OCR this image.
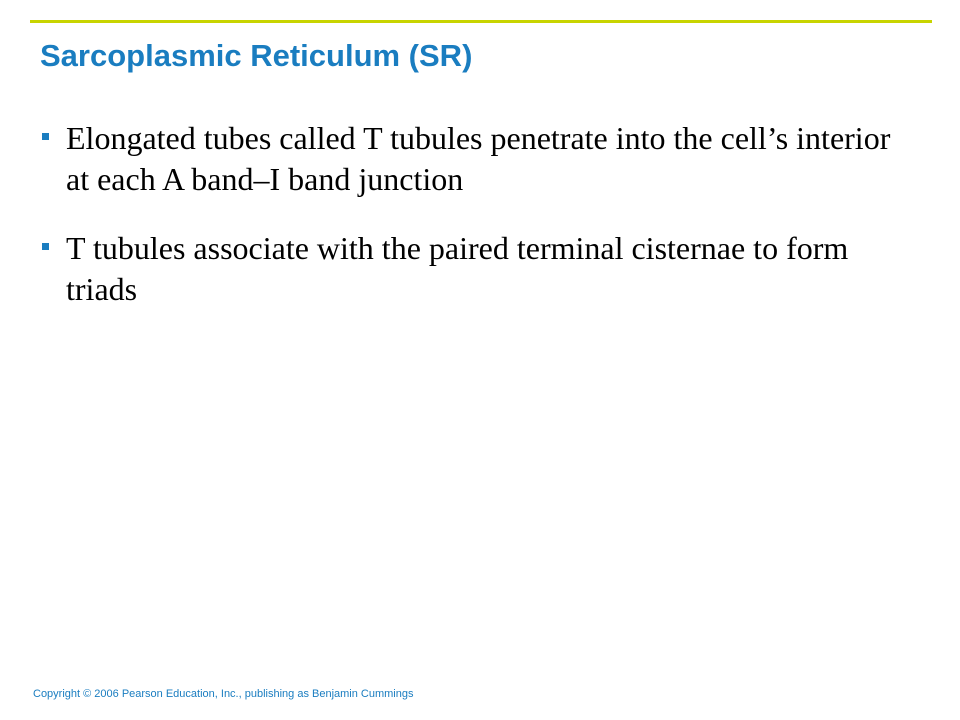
Sarcoplasmic Reticulum (SR)
Elongated tubes called T tubules penetrate into the cell’s interior at each A band–I band junction
T tubules associate with the paired terminal cisternae to form triads

Copyright © 2006 Pearson Education, Inc., publishing as Benjamin Cummings
